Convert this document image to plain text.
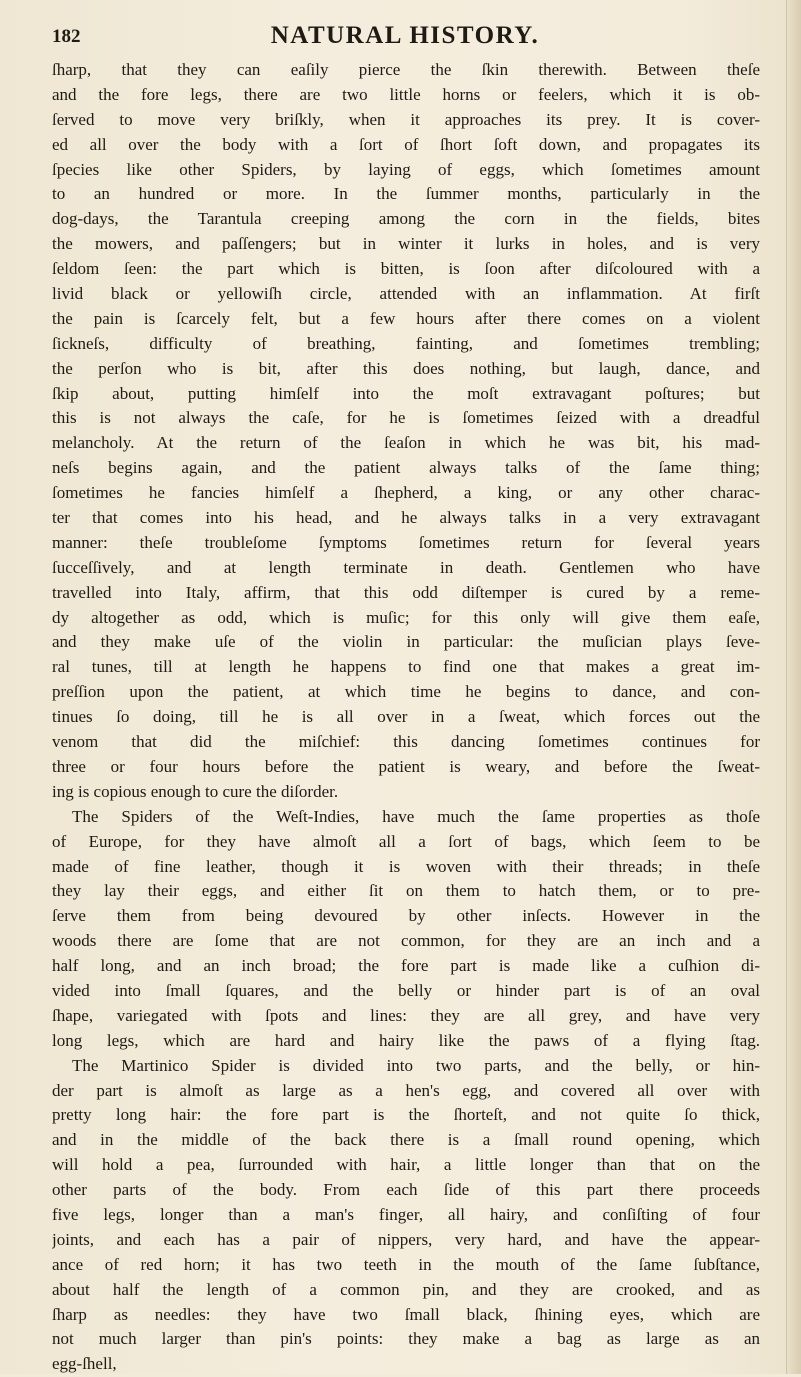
182	NATURAL HISTORY.
ſharp, that they can eaſily pierce the ſkin therewith. Between theſe
and the fore legs, there are two little horns or feelers, which it is ob-
ſerved to move very briſkly, when it approaches its prey. It is cover-
ed all over the body with a ſort of ſhort ſoft down, and propagates its
ſpecies like other Spiders, by laying of eggs, which ſometimes amount
to an hundred or more. In the ſummer months, particularly in the
dog-days, the Tarantula creeping among the corn in the fields, bites
the mowers, and paſſengers; but in winter it lurks in holes, and is very
ſeldom ſeen: the part which is bitten, is ſoon after diſcoloured with a
livid black or yellowiſh circle, attended with an inflammation. At firſt
the pain is ſcarcely felt, but a few hours after there comes on a violent
ſickneſs, difficulty of breathing, fainting, and ſometimes trembling;
the perſon who is bit, after this does nothing, but laugh, dance, and
ſkip about, putting himſelf into the moſt extravagant poſtures; but
this is not always the caſe, for he is ſometimes ſeized with a dreadful
melancholy. At the return of the ſeaſon in which he was bit, his mad-
neſs begins again, and the patient always talks of the ſame thing;
ſometimes he fancies himſelf a ſhepherd, a king, or any other charac-
ter that comes into his head, and he always talks in a very extravagant
manner: theſe troubleſome ſymptoms ſometimes return for ſeveral years
ſucceſſively, and at length terminate in death. Gentlemen who have
travelled into Italy, affirm, that this odd diſtemper is cured by a reme-
dy altogether as odd, which is muſic; for this only will give them eaſe,
and they make uſe of the violin in particular: the muſician plays ſeve-
ral tunes, till at length he happens to find one that makes a great im-
preſſion upon the patient, at which time he begins to dance, and con-
tinues ſo doing, till he is all over in a ſweat, which forces out the
venom that did the miſchief: this dancing ſometimes continues for
three or four hours before the patient is weary, and before the ſweat-
ing is copious enough to cure the diſorder.
The Spiders of the Weſt-Indies, have much the ſame properties as thoſe
of Europe, for they have almoſt all a ſort of bags, which ſeem to be
made of fine leather, though it is woven with their threads; in theſe
they lay their eggs, and either ſit on them to hatch them, or to pre-
ſerve them from being devoured by other inſects. However in the
woods there are ſome that are not common, for they are an inch and a
half long, and an inch broad; the fore part is made like a cuſhion di-
vided into ſmall ſquares, and the belly or hinder part is of an oval
ſhape, variegated with ſpots and lines: they are all grey, and have very
long legs, which are hard and hairy like the paws of a flying ſtag.
The Martinico Spider is divided into two parts, and the belly, or hin-
der part is almoſt as large as a hen's egg, and covered all over with
pretty long hair: the fore part is the ſhorteſt, and not quite ſo thick,
and in the middle of the back there is a ſmall round opening, which
will hold a pea, ſurrounded with hair, a little longer than that on the
other parts of the body. From each ſide of this part there proceeds
five legs, longer than a man's finger, all hairy, and conſiſting of four
joints, and each has a pair of nippers, very hard, and have the appear-
ance of red horn; it has two teeth in the mouth of the ſame ſubſtance,
about half the length of a common pin, and they are crooked, and as
ſharp as needles: they have two ſmall black, ſhining eyes, which are
not much larger than pin's points: they make a bag as large as an
egg-ſhell,
